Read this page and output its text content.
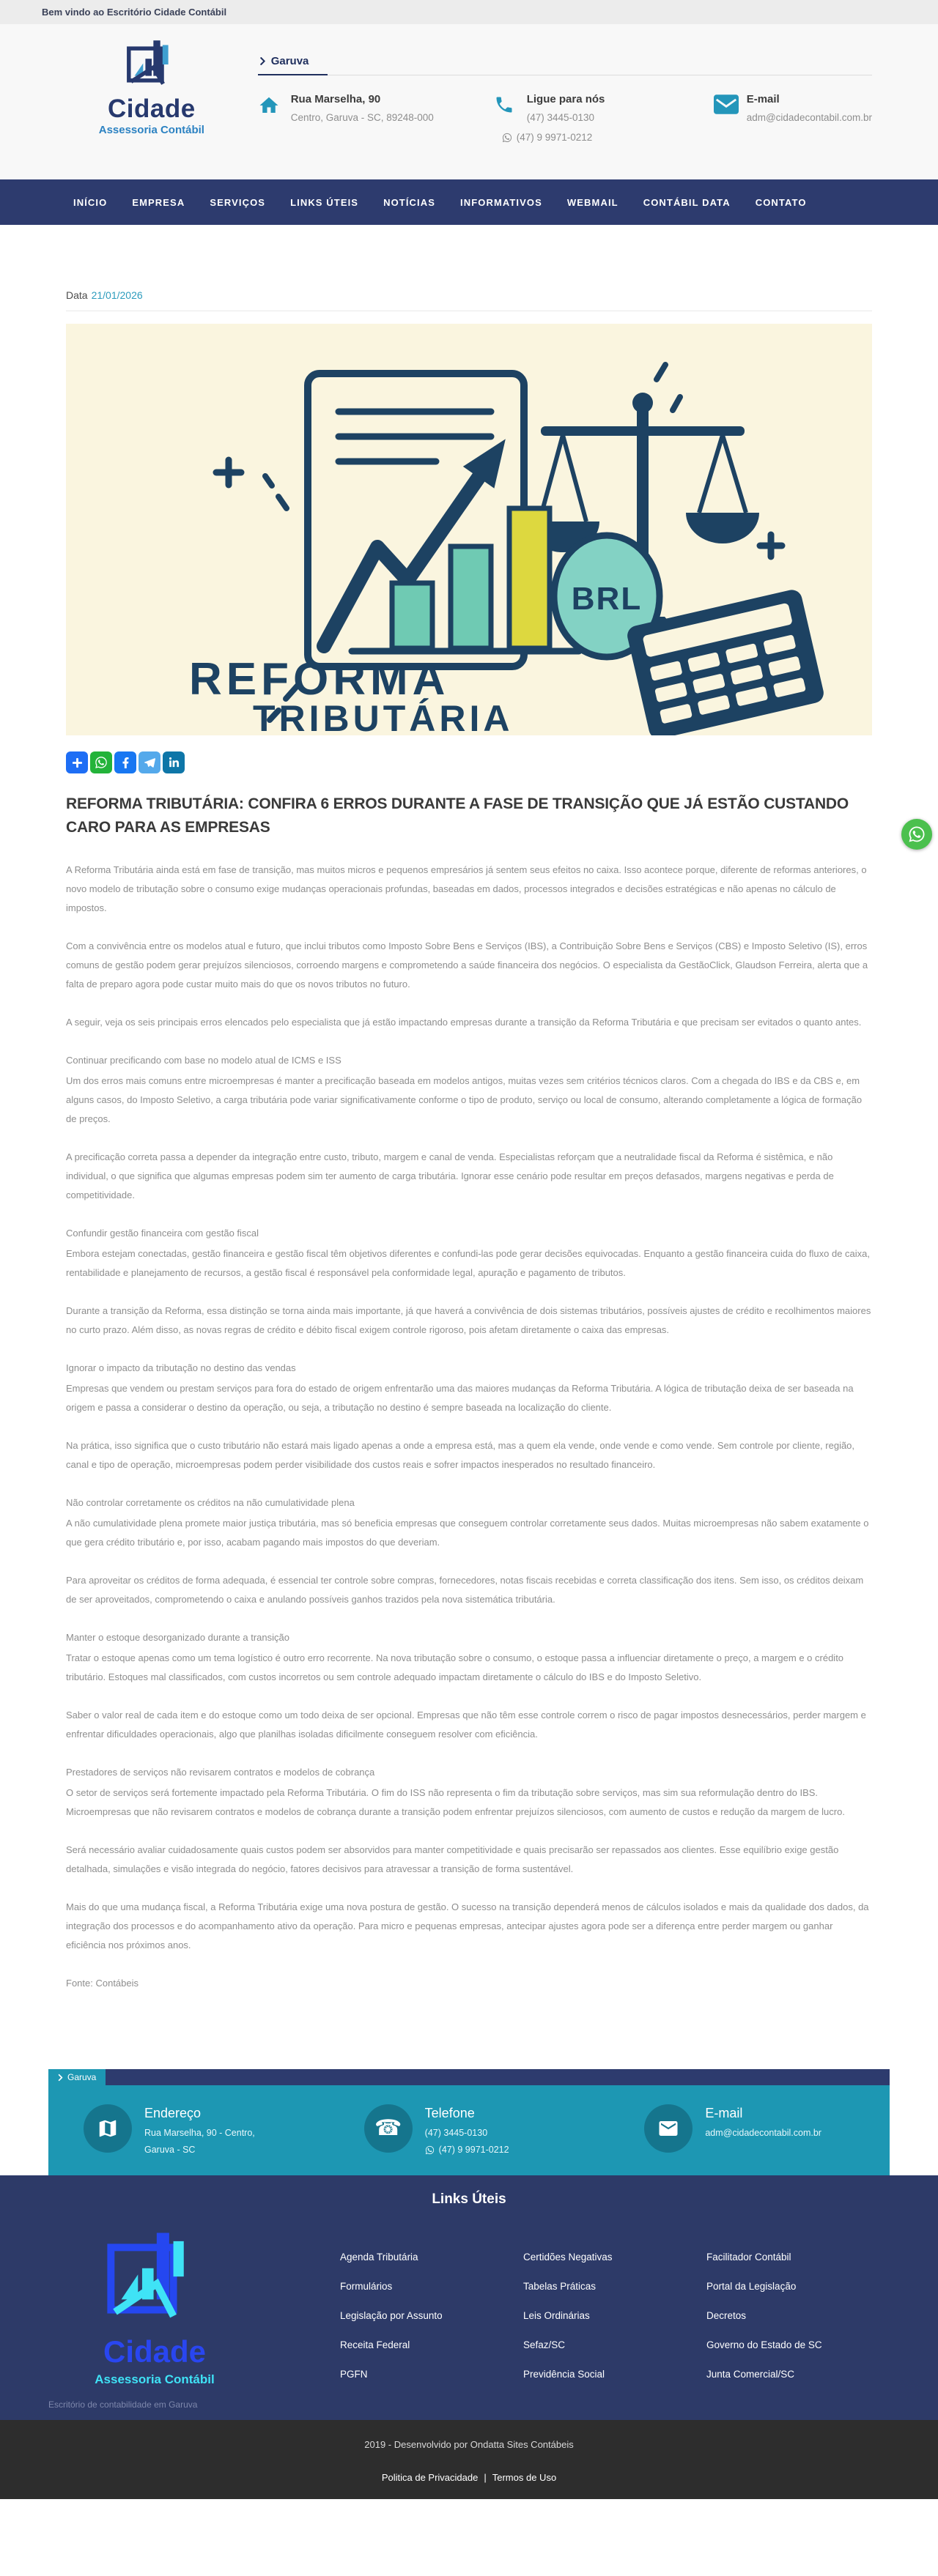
Bem vindo ao Escritório Cidade Contábil
Cidade
Assessoria Contábil
Garuva
Rua Marselha, 90
Centro, Garuva - SC, 89248-000
Ligue para nós
(47) 3445-0130
(47) 9 9971-0212
E-mail
adm@cidadecontabil.com.br
INÍCIO	EMPRESA	SERVIÇOS	LINKS ÚTEIS	NOTÍCIAS	INFORMATIVOS	WEBMAIL	CONTÁBIL DATA	CONTATO
Data 21/01/2026
BRL
REFORMA
TRIBUTÁRIA
REFORMA TRIBUTÁRIA: CONFIRA 6 ERROS DURANTE A FASE DE TRANSIÇÃO QUE JÁ ESTÃO CUSTANDO CARO PARA AS EMPRESAS

A Reforma Tributária ainda está em fase de transição, mas muitos micros e pequenos empresários já sentem seus efeitos no caixa. Isso acontece porque, diferente de reformas anteriores, o novo modelo de tributação sobre o consumo exige mudanças operacionais profundas, baseadas em dados, processos integrados e decisões estratégicas e não apenas no cálculo de impostos.

Com a convivência entre os modelos atual e futuro, que inclui tributos como Imposto Sobre Bens e Serviços (IBS), a Contribuição Sobre Bens e Serviços (CBS) e Imposto Seletivo (IS), erros comuns de gestão podem gerar prejuízos silenciosos, corroendo margens e comprometendo a saúde financeira dos negócios. O especialista da GestãoClick, Glaudson Ferreira, alerta que a falta de preparo agora pode custar muito mais do que os novos tributos no futuro.

A seguir, veja os seis principais erros elencados pelo especialista que já estão impactando empresas durante a transição da Reforma Tributária e que precisam ser evitados o quanto antes.

Continuar precificando com base no modelo atual de ICMS e ISS

Um dos erros mais comuns entre microempresas é manter a precificação baseada em modelos antigos, muitas vezes sem critérios técnicos claros. Com a chegada do IBS e da CBS e, em alguns casos, do Imposto Seletivo, a carga tributária pode variar significativamente conforme o tipo de produto, serviço ou local de consumo, alterando completamente a lógica de formação de preços.

A precificação correta passa a depender da integração entre custo, tributo, margem e canal de venda. Especialistas reforçam que a neutralidade fiscal da Reforma é sistêmica, e não individual, o que significa que algumas empresas podem sim ter aumento de carga tributária. Ignorar esse cenário pode resultar em preços defasados, margens negativas e perda de competitividade.

Confundir gestão financeira com gestão fiscal

Embora estejam conectadas, gestão financeira e gestão fiscal têm objetivos diferentes e confundi-las pode gerar decisões equivocadas. Enquanto a gestão financeira cuida do fluxo de caixa, rentabilidade e planejamento de recursos, a gestão fiscal é responsável pela conformidade legal, apuração e pagamento de tributos.

Durante a transição da Reforma, essa distinção se torna ainda mais importante, já que haverá a convivência de dois sistemas tributários, possíveis ajustes de crédito e recolhimentos maiores no curto prazo. Além disso, as novas regras de crédito e débito fiscal exigem controle rigoroso, pois afetam diretamente o caixa das empresas.

Ignorar o impacto da tributação no destino das vendas

Empresas que vendem ou prestam serviços para fora do estado de origem enfrentarão uma das maiores mudanças da Reforma Tributária. A lógica de tributação deixa de ser baseada na origem e passa a considerar o destino da operação, ou seja, a tributação no destino é sempre baseada na localização do cliente.

Na prática, isso significa que o custo tributário não estará mais ligado apenas a onde a empresa está, mas a quem ela vende, onde vende e como vende. Sem controle por cliente, região, canal e tipo de operação, microempresas podem perder visibilidade dos custos reais e sofrer impactos inesperados no resultado financeiro.

Não controlar corretamente os créditos na não cumulatividade plena

A não cumulatividade plena promete maior justiça tributária, mas só beneficia empresas que conseguem controlar corretamente seus dados. Muitas microempresas não sabem exatamente o que gera crédito tributário e, por isso, acabam pagando mais impostos do que deveriam.

Para aproveitar os créditos de forma adequada, é essencial ter controle sobre compras, fornecedores, notas fiscais recebidas e correta classificação dos itens. Sem isso, os créditos deixam de ser aproveitados, comprometendo o caixa e anulando possíveis ganhos trazidos pela nova sistemática tributária.

Manter o estoque desorganizado durante a transição

Tratar o estoque apenas como um tema logístico é outro erro recorrente. Na nova tributação sobre o consumo, o estoque passa a influenciar diretamente o preço, a margem e o crédito tributário. Estoques mal classificados, com custos incorretos ou sem controle adequado impactam diretamente o cálculo do IBS e do Imposto Seletivo.

Saber o valor real de cada item e do estoque como um todo deixa de ser opcional. Empresas que não têm esse controle correm o risco de pagar impostos desnecessários, perder margem e enfrentar dificuldades operacionais, algo que planilhas isoladas dificilmente conseguem resolver com eficiência.

Prestadores de serviços não revisarem contratos e modelos de cobrança

O setor de serviços será fortemente impactado pela Reforma Tributária. O fim do ISS não representa o fim da tributação sobre serviços, mas sim sua reformulação dentro do IBS. Microempresas que não revisarem contratos e modelos de cobrança durante a transição podem enfrentar prejuízos silenciosos, com aumento de custos e redução da margem de lucro.

Será necessário avaliar cuidadosamente quais custos podem ser absorvidos para manter competitividade e quais precisarão ser repassados aos clientes. Esse equilíbrio exige gestão detalhada, simulações e visão integrada do negócio, fatores decisivos para atravessar a transição de forma sustentável.

Mais do que uma mudança fiscal, a Reforma Tributária exige uma nova postura de gestão. O sucesso na transição dependerá menos de cálculos isolados e mais da qualidade dos dados, da integração dos processos e do acompanhamento ativo da operação. Para micro e pequenas empresas, antecipar ajustes agora pode ser a diferença entre perder margem ou ganhar eficiência nos próximos anos.

Fonte: Contábeis

Garuva
Endereço
Rua Marselha, 90 - Centro,
Garuva - SC
☎
Telefone
(47) 3445-0130
(47) 9 9971-0212
E-mail
adm@cidadecontabil.com.br
Links Úteis
Cidade
Assessoria Contábil
Agenda Tributária
Formulários
Legislação por Assunto
Receita Federal
PGFN
Certidões Negativas
Tabelas Práticas
Leis Ordinárias
Sefaz/SC
Previdência Social
Facilitador Contábil
Portal da Legislação
Decretos
Governo do Estado de SC
Junta Comercial/SC
Escritório de contabilidade em Garuva
2019 - Desenvolvido por Ondatta Sites Contábeis
Politica de Privacidade | Termos de Uso
